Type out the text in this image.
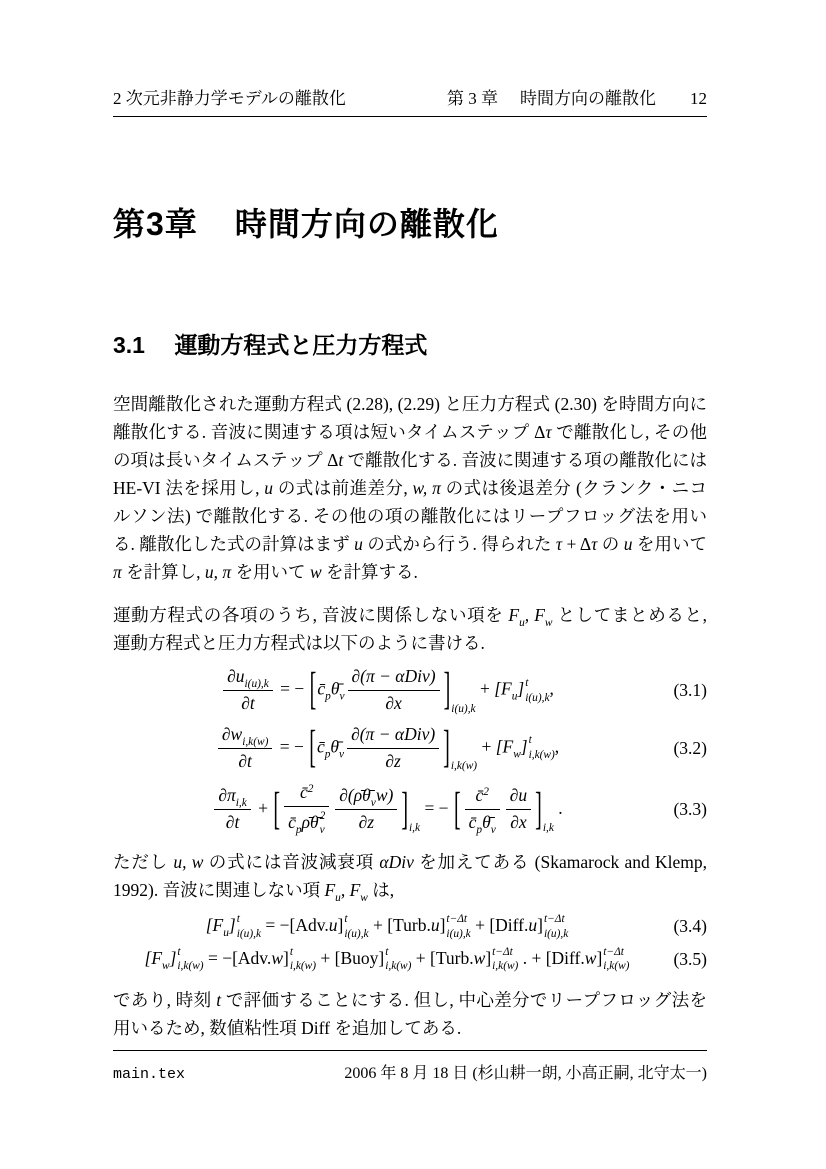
2 次元非静力学モデルの離散化	第 3 章 時間方向の離散化 12
第3章 時間方向の離散化
3.1 運動方程式と圧力方程式

空間離散化された運動方程式 (2.28), (2.29) と圧力方程式 (2.30) を時間方向に離散化する. 音波に関連する項は短いタイムステップ Δτ で離散化し, その他の項は長いタイムステップ Δt で離散化する. 音波に関連する項の離散化には HE-VI 法を採用し, u の式は前進差分, w, π の式は後退差分 (クランク・ニコルソン法) で離散化する. その他の項の離散化にはリープフロッグ法を用いる. 離散化した式の計算はまず u の式から行う. 得られた τ + Δτ の u を用いて π を計算し, u, π を用いて w を計算する.

運動方程式の各項のうち, 音波に関係しない項を $F_u$, $F_w$ としてまとめると, 運動方程式と圧力方程式は以下のように書ける.

$\frac{\partial u_{i(u),k}}{\partial t}$ = − $[c̄_p\thetā_v \frac{\text{∂(π − αDiv)}}{\partial x} ]i(u),k + [F_u]$ t
i(u),k ,	(3.1)
$\frac{\partial w_{i,k(w)}}{\partial t}$ = − $[c̄_p\thetā_v \frac{\text{∂(π − αDiv)}}{\partial z} ]i,k(w) + [F_w]$ t
i,k(w) ,	(3.2)
$\frac{\partial\pi_{i,k}}{\partial t}$ + [ c̄$^2$
$c̄_p\rhō\thetā$ 2
v $\frac{\partial(\rhō\thetā_vw)}{\partial z} ]i,k$ = − [ $\frac{c̄^2}{c̄_p\thetā_v} \frac{\partial u}{\partial x} ]i,k$ .	(3.3)

ただし u, w の式には音波減衰項 αDiv を加えてある (Skamarock and Klemp, 1992). 音波に関連しない項 $F_u$, $F_w$ は,

$[F_u]$ t
i(u),k = −[Adv.u] t
i(u),k + [Turb.u] t−Δt
i(u),k + [Diff.u] t−Δt
i(u),k	(3.4)
$[F_w]$ t
i,k(w) = −[Adv.w] t
i,k(w) + [Buoy] t
i,k(w) + [Turb.w] t−Δt
i,k(w) . + [Diff.w] t−Δt
i,k(w)	(3.5)

であり, 時刻 t で評価することにする. 但し, 中心差分でリープフロッグ法を用いるため, 数値粘性項 Diff を追加してある.

main.tex	2006 年 8 月 18 日 (杉山耕一朗, 小高正嗣, 北守太一)
